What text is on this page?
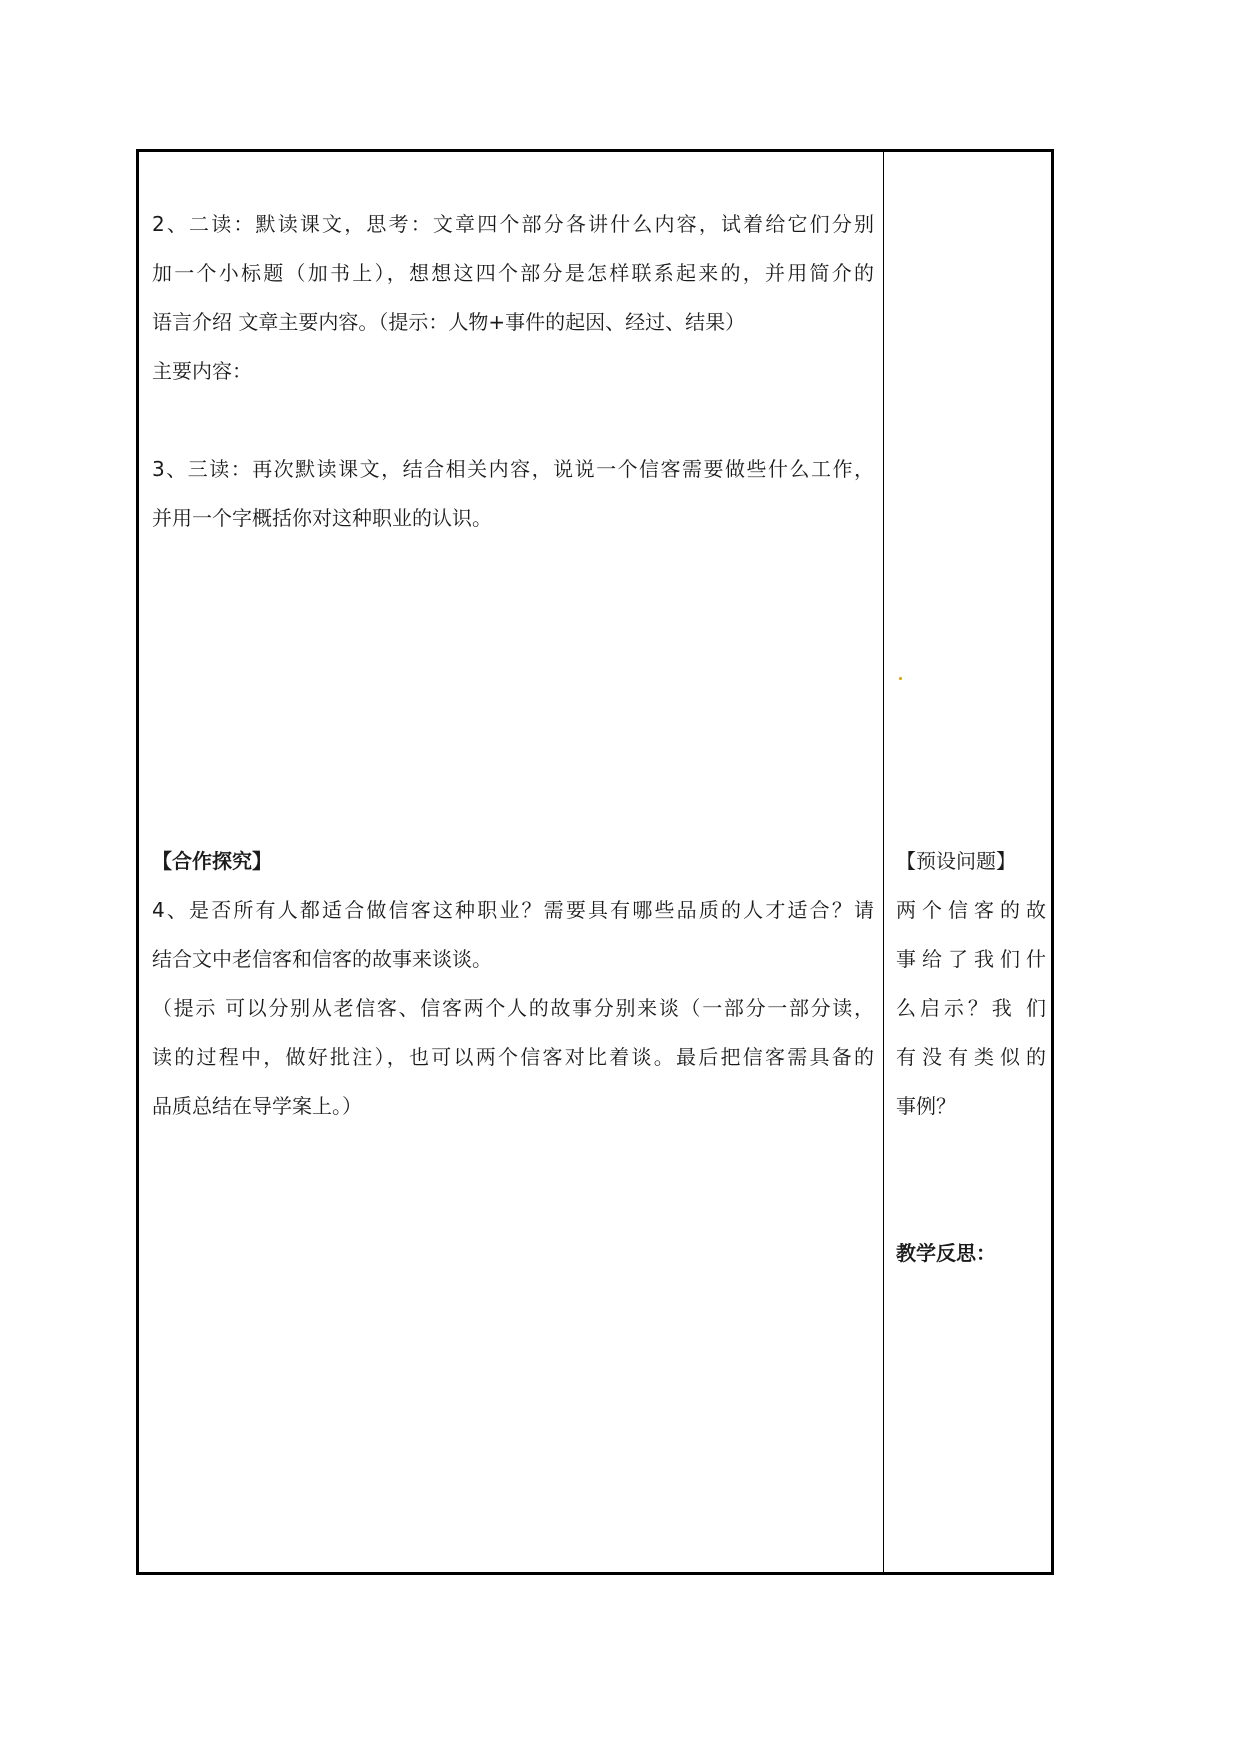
2、二读：默读课文，思考：文章四个部分各讲什么内容，试着给它们分别
加一个小标题（加书上），想想这四个部分是怎样联系起来的，并用简介的
语言介绍 文章主要内容。（提示：人物+事件的起因、经过、结果）
主要内容：
3、三读：再次默读课文，结合相关内容，说说一个信客需要做些什么工作，
并用一个字概括你对这种职业的认识。
【合作探究】
4、是否所有人都适合做信客这种职业？需要具有哪些品质的人才适合？请
结合文中老信客和信客的故事来谈谈。
（提示 可以分别从老信客、信客两个人的故事分别来谈（一部分一部分读，
读的过程中，做好批注），也可以两个信客对比着谈。最后把信客需具备的
品质总结在导学案上。）
【预设问题】
两个信客的故
事给了我们什
么启示？我 们
有没有类似的
事例？
教学反思：
